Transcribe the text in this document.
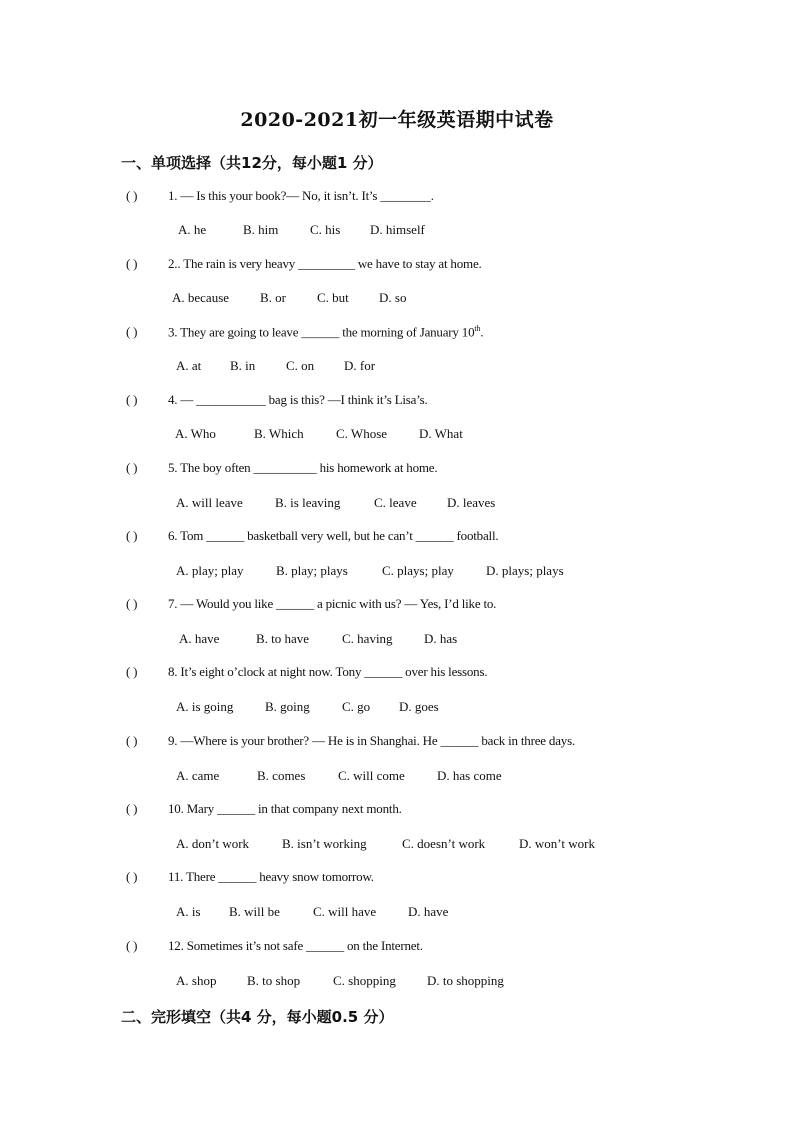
2020-2021初一年级英语期中试卷
一、单项选择（共12分，每小题1 分）
( ) 1. — Is this your book?— No, it isn’t. It’s ________.
A. he	B. him C. his D. himself
( ) 2.. The rain is very heavy _________ we have to stay at home.
A. because B. or C. but D. so
( ) 3. They are going to leave ______ the morning of January 10th.
A. at B. in C. on D. for
( ) 4. — ___________ bag is this? —I think it’s Lisa’s.
A. Who	B. Which C. Whose D. What
( ) 5. The boy often __________ his homework at home.
A. will leave B. is leaving	C. leave D. leaves
( ) 6. Tom ______ basketball very well, but he can’t ______ football.
A. play; play B. play; plays	C. plays; play D. plays; plays
( ) 7. — Would you like ______ a picnic with us? — Yes, I’d like to.
A. have	B. to have	C. having D. has
( ) 8. It’s eight o’clock at night now. Tony ______ over his lessons.
A. is going B. going C. go D. goes
( ) 9. —Where is your brother? — He is in Shanghai. He ______ back in three days.
A. came	B. comes	C. will come D. has come
( ) 10. Mary ______ in that company next month.
A. don’t work	B. isn’t working	C. doesn’t work	D. won’t work
( ) 11. There ______ heavy snow tomorrow.
A. is B. will be	C. will have D. have
( ) 12. Sometimes it’s not safe ______ on the Internet.
A. shop B. to shop	C. shopping D. to shopping
二、完形填空（共4 分，每小题0.5 分）
